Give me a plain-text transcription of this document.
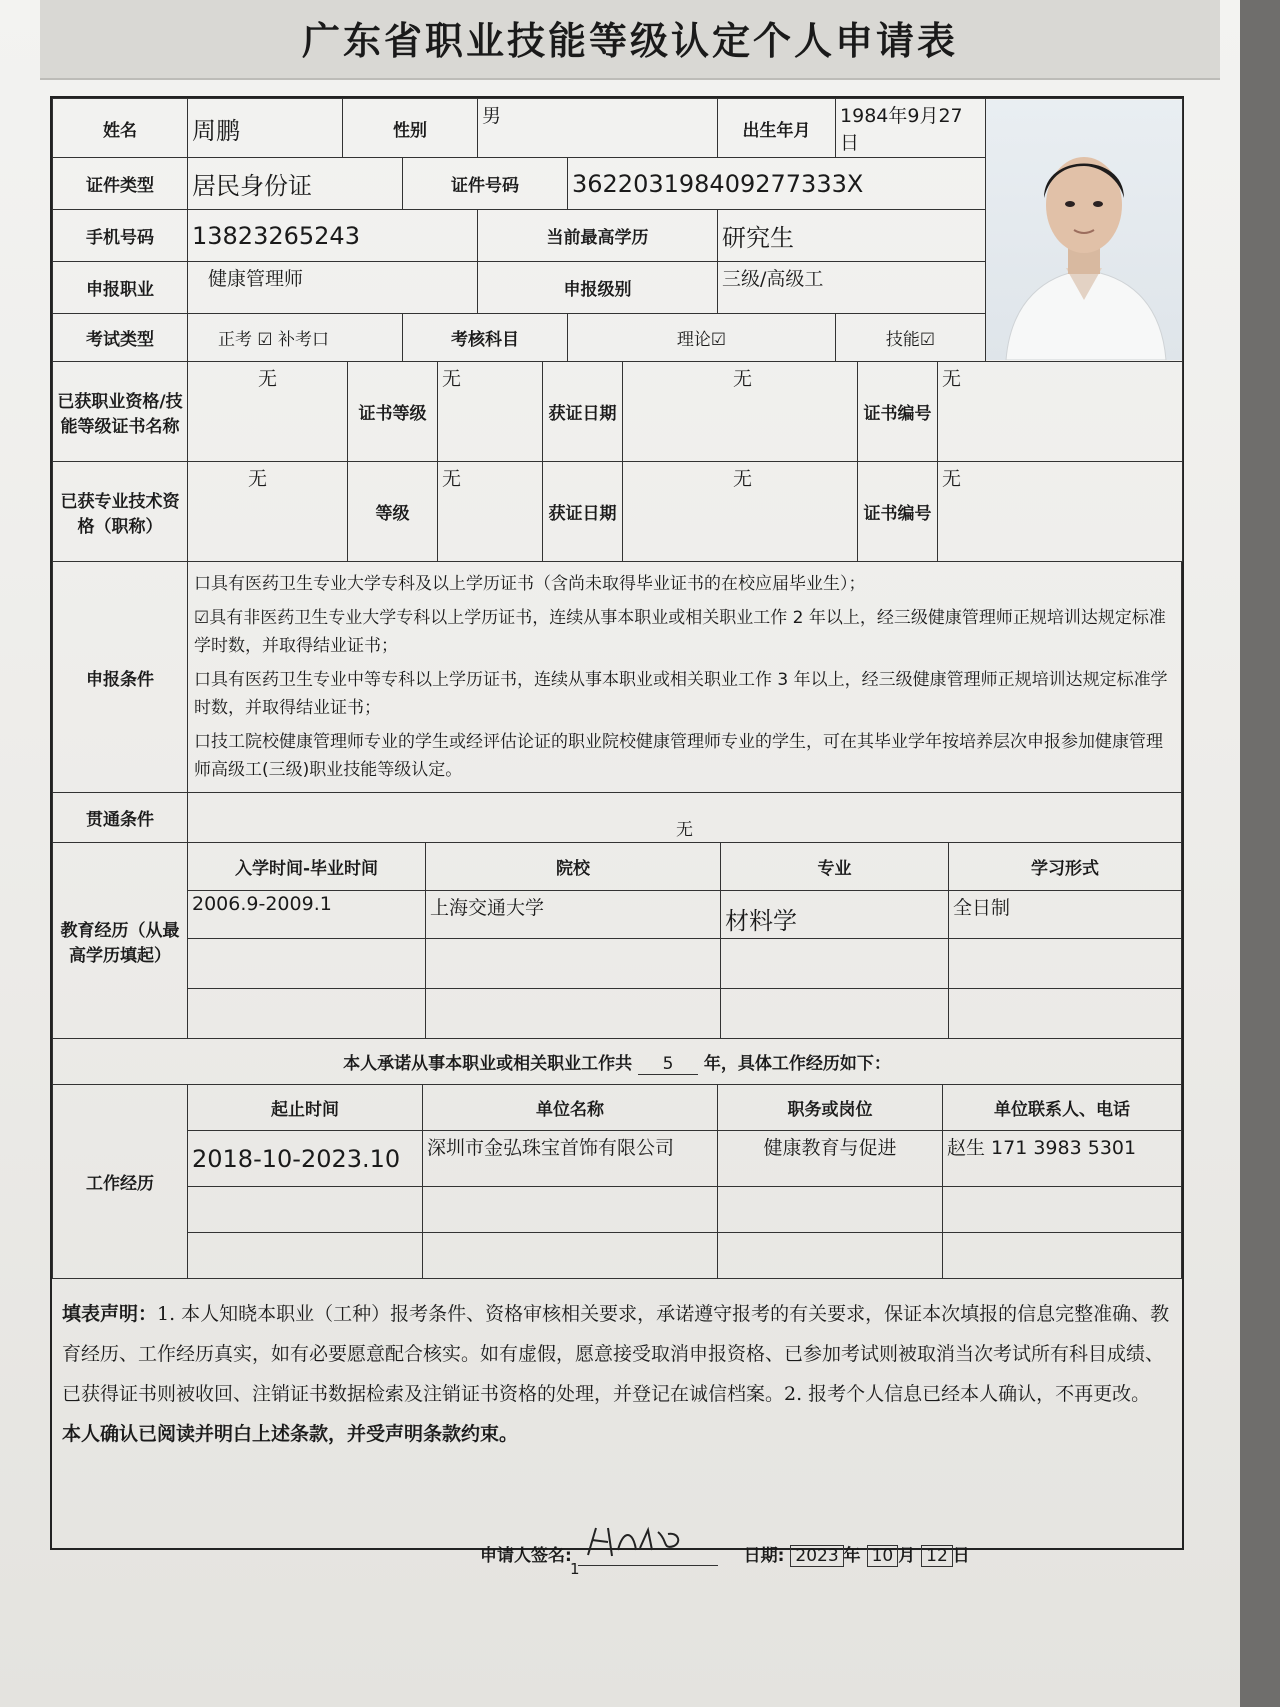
广东省职业技能等级认定个人申请表
姓名	周鹏	性别		男		出生年月	1984年9月27日	

证件类型	居民身份证		证件号码		362203198409277333X			
手机号码	13823265243			当前最高学历		研究生		
申报职业	健康管理师			申报级别		三级/高级工		
考试类型	正考 ☑ 补考口		考核科目		理论☑		技能☑	
已获职业资格/技能等级证书名称	无	证书等级	无	获证日期	无	证书编号	无
已获专业技术资格（职称）	无	等级	无	获证日期	无	证书编号	无
申报条件	口具有医药卫生专业大学专科及以上学历证书（含尚未取得毕业证书的在校应届毕业生）；

☑具有非医药卫生专业大学专科以上学历证书，连续从事本职业或相关职业工作 2 年以上，经三级健康管理师正规培训达规定标准学时数，并取得结业证书；

口具有医药卫生专业中等专科以上学历证书，连续从事本职业或相关职业工作 3 年以上，经三级健康管理师正规培训达规定标准学时数，并取得结业证书；

口技工院校健康管理师专业的学生或经评估论证的职业院校健康管理师专业的学生，可在其毕业学年按培养层次申报参加健康管理师高级工(三级)职业技能等级认定。

贯通条件	无
教育经历（从最高学历填起）	入学时间-毕业时间	院校	专业	学习形式
	2006.9-2009.1	上海交通大学	材料学	全日制

本人承诺从事本职业或相关职业工作共 5 年，具体工作经历如下：
工作经历	起止时间	单位名称	职务或岗位	单位联系人、电话
	2018-10-2023.10	深圳市金弘珠宝首饰有限公司	健康教育与促进	赵生 171 3983 5301

填表声明：1. 本人知晓本职业（工种）报考条件、资格审核相关要求，承诺遵守报考的有关要求，保证本次填报的信息完整准确、教育经历、工作经历真实，如有必要愿意配合核实。如有虚假，愿意接受取消申报资格、已参加考试则被取消当次考试所有科目成绩、已获得证书则被收回、注销证书数据检索及注销证书资格的处理，并登记在诚信档案。2. 报考个人信息已经本人确认，不再更改。
本人确认已阅读并明白上述条款，并受声明条款约束。
申请人签名:	日期: 2023 年 10 月 12 日
1
